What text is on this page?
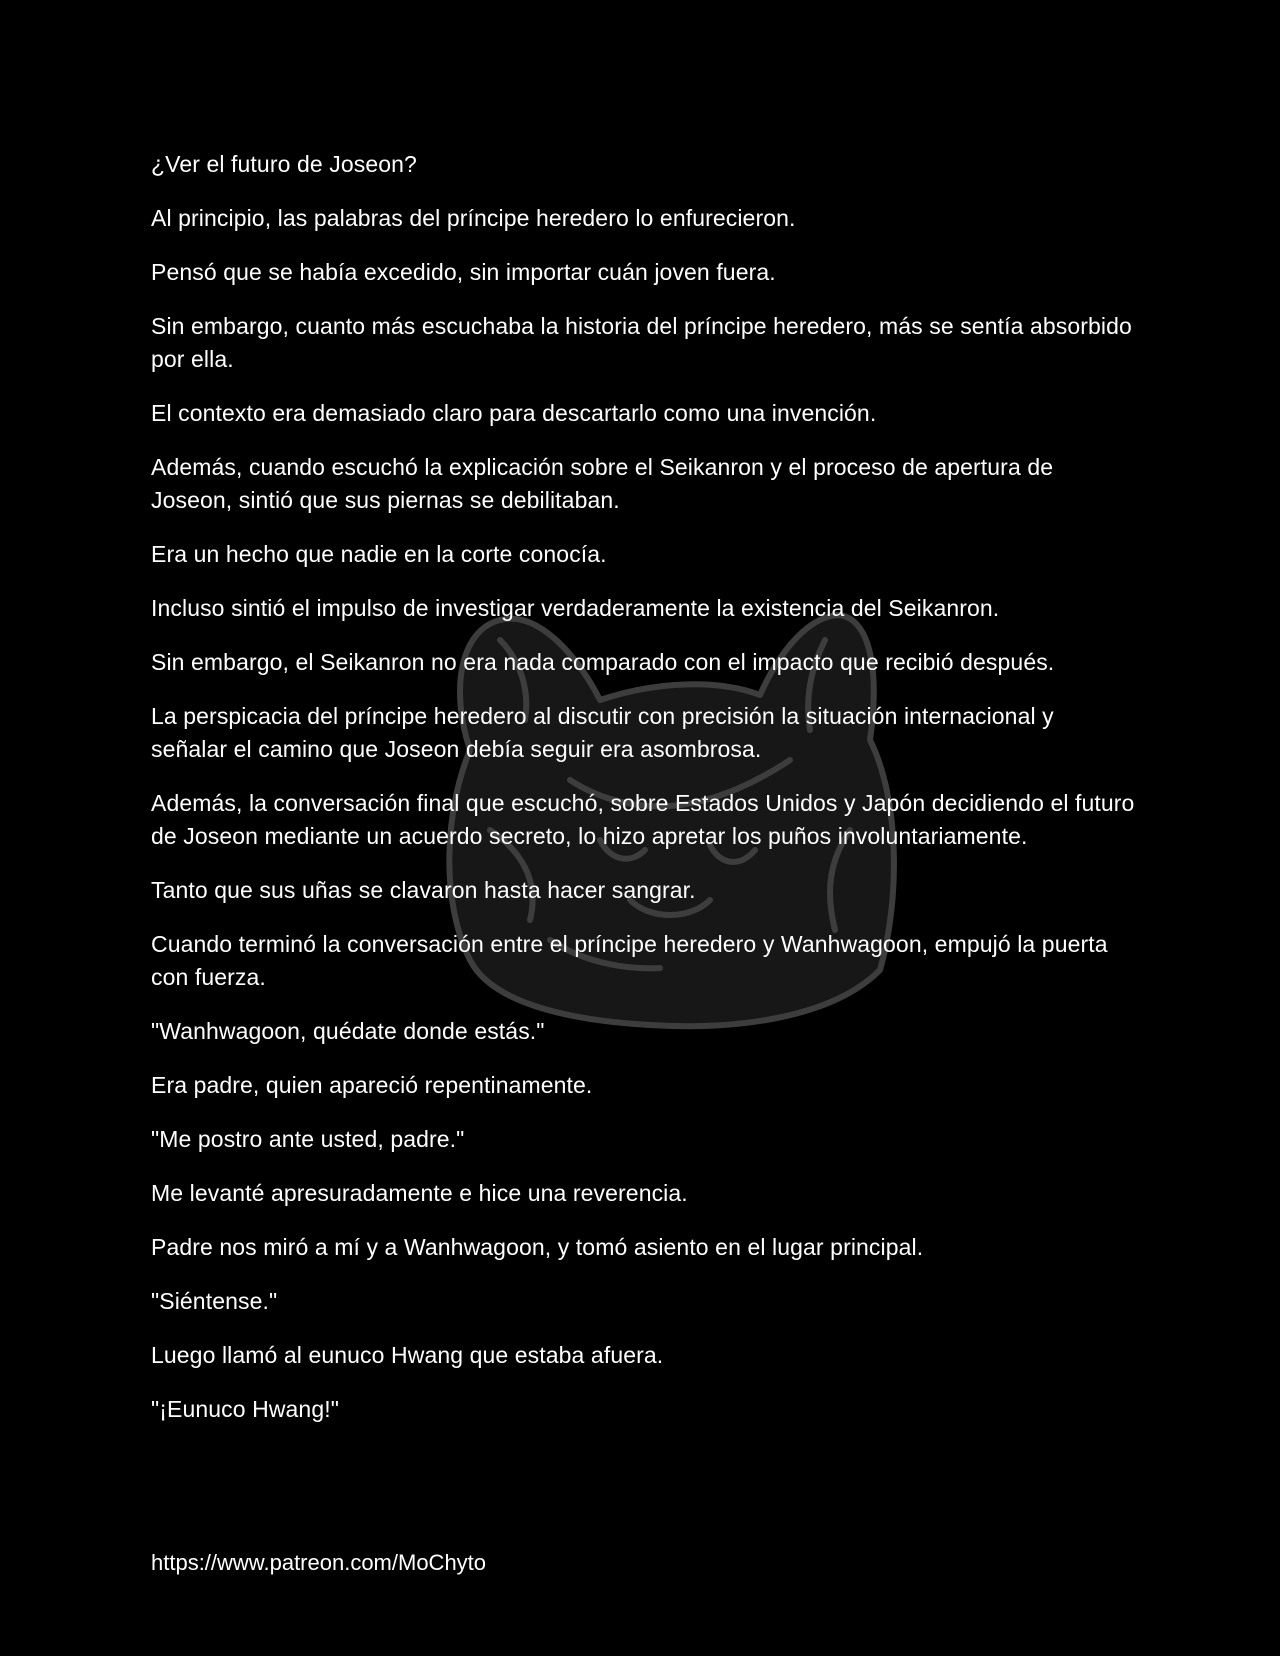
¿Ver el futuro de Joseon?

Al principio, las palabras del príncipe heredero lo enfurecieron.

Pensó que se había excedido, sin importar cuán joven fuera.

Sin embargo, cuanto más escuchaba la historia del príncipe heredero, más se sentía absorbido por ella.

El contexto era demasiado claro para descartarlo como una invención.

Además, cuando escuchó la explicación sobre el Seikanron y el proceso de apertura de Joseon, sintió que sus piernas se debilitaban.

Era un hecho que nadie en la corte conocía.

Incluso sintió el impulso de investigar verdaderamente la existencia del Seikanron.

Sin embargo, el Seikanron no era nada comparado con el impacto que recibió después.

La perspicacia del príncipe heredero al discutir con precisión la situación internacional y señalar el camino que Joseon debía seguir era asombrosa.

Además, la conversación final que escuchó, sobre Estados Unidos y Japón decidiendo el futuro de Joseon mediante un acuerdo secreto, lo hizo apretar los puños involuntariamente.

Tanto que sus uñas se clavaron hasta hacer sangrar.

Cuando terminó la conversación entre el príncipe heredero y Wanhwagoon, empujó la puerta con fuerza.

"Wanhwagoon, quédate donde estás."

Era padre, quien apareció repentinamente.

"Me postro ante usted, padre."

Me levanté apresuradamente e hice una reverencia.

Padre nos miró a mí y a Wanhwagoon, y tomó asiento en el lugar principal.

"Siéntense."

Luego llamó al eunuco Hwang que estaba afuera.

"¡Eunuco Hwang!"

https://www.patreon.com/MoChyto
